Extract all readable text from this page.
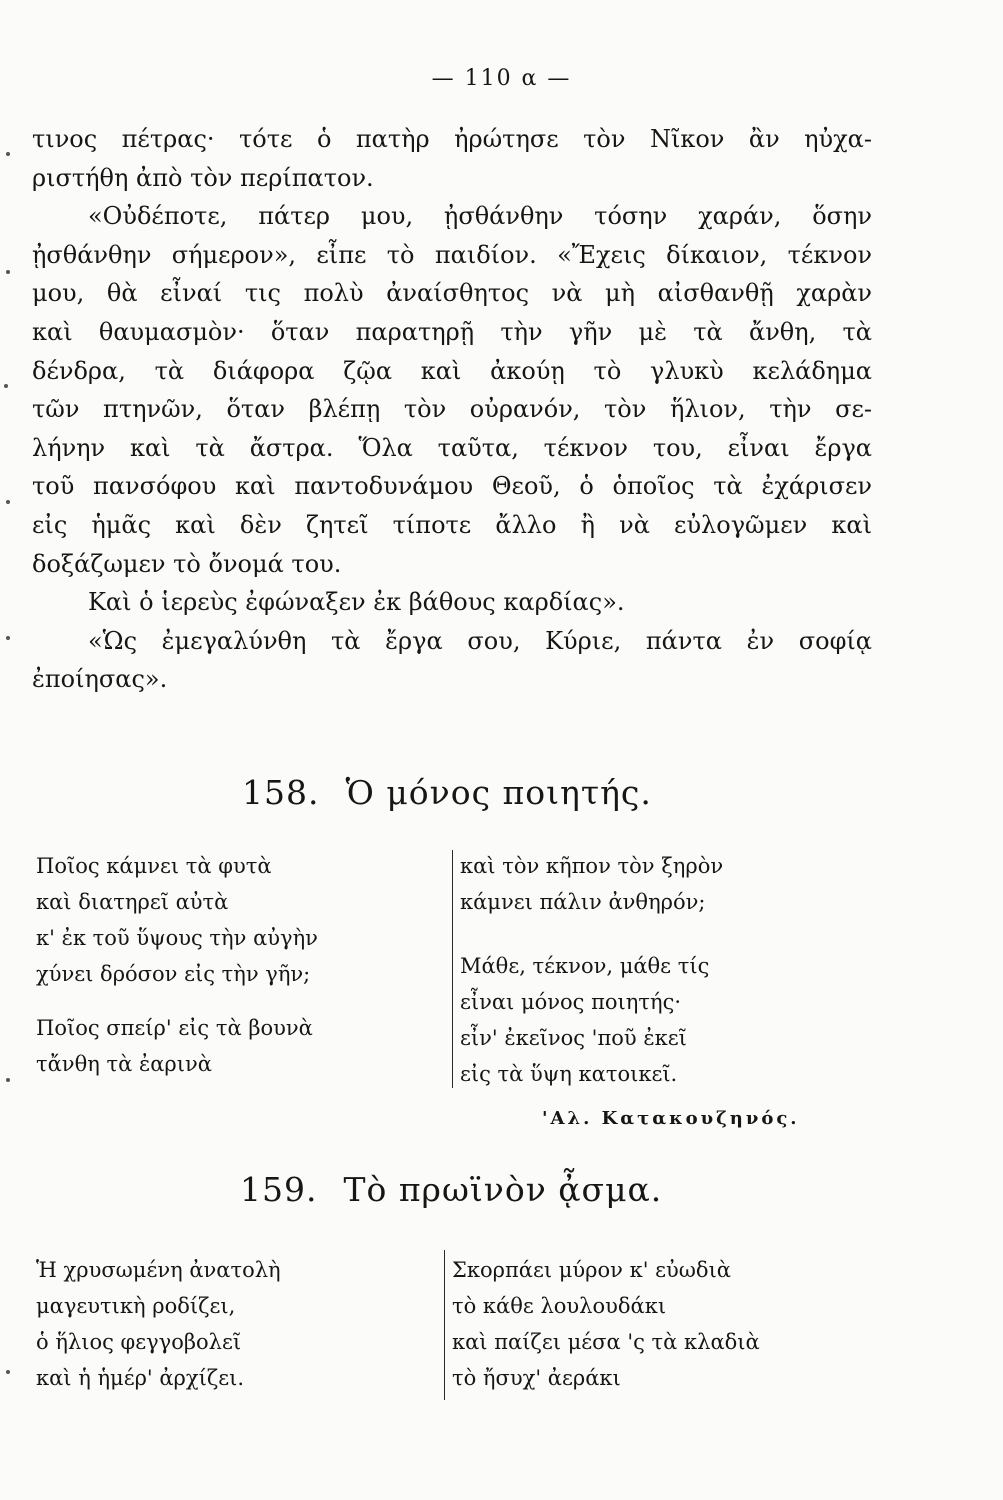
— 110 α —
τινος πέτρας· τότε ὁ πατὴρ ἠρώτησε τὸν Νῖκον ἂν ηὐχα-
ριστήθη ἀπὸ τὸν περίπατον.
«Οὐδέποτε, πάτερ μου, ᾐσθάνθην τόσην χαράν, ὅσην
ᾐσθάνθην σήμερον», εἶπε τὸ παιδίον. «Ἔχεις δίκαιον, τέκνον
μου, θὰ εἶναί τις πολὺ ἀναίσθητος νὰ μὴ αἰσθανθῇ χαρὰν
καὶ θαυμασμὸν· ὅταν παρατηρῇ τὴν γῆν μὲ τὰ ἄνθη, τὰ
δένδρα, τὰ διάφορα ζῷα καὶ ἀκούῃ τὸ γλυκὺ κελάδημα
τῶν πτηνῶν, ὅταν βλέπῃ τὸν οὐρανόν, τὸν ἥλιον, τὴν σε-
λήνην καὶ τὰ ἄστρα. Ὅλα ταῦτα, τέκνον του, εἶναι ἔργα
τοῦ πανσόφου καὶ παντοδυνάμου Θεοῦ, ὁ ὁποῖος τὰ ἐχάρισεν
εἰς ἡμᾶς καὶ δὲν ζητεῖ τίποτε ἄλλο ἢ νὰ εὐλογῶμεν καὶ
δοξάζωμεν τὸ ὄνομά του.
Καὶ ὁ ἱερεὺς ἐφώναξεν ἐκ βάθους καρδίας».
«Ὡς ἐμεγαλύνθη τὰ ἔργα σου, Κύριε, πάντα ἐν σοφίᾳ
ἐποίησας».
158. Ὁ μόνος ποιητής.
Ποῖος κάμνει τὰ φυτὰ
καὶ διατηρεῖ αὐτὰ
κ' ἐκ τοῦ ὕψους τὴν αὐγὴν
χύνει δρόσον εἰς τὴν γῆν;
Ποῖος σπείρ' εἰς τὰ βουνὰ
τἄνθη τὰ ἐαρινὰ
καὶ τὸν κῆπον τὸν ξηρὸν
κάμνει πάλιν ἀνθηρόν;
Μάθε, τέκνον, μάθε τίς
εἶναι μόνος ποιητής·
εἶν' ἐκεῖνος 'ποῦ ἐκεῖ
εἰς τὰ ὕψη κατοικεῖ.
'Αλ. Κατακουζηνός.
159. Τὸ πρωϊνὸν ᾆσμα.
Ἡ χρυσωμένη ἀνατολὴ
μαγευτικὴ ροδίζει,
ὁ ἥλιος φεγγοβολεῖ
καὶ ἡ ἡμέρ' ἀρχίζει.
Σκορπάει μύρον κ' εὐωδιὰ
τὸ κάθε λουλουδάκι
καὶ παίζει μέσα 'ς τὰ κλαδιὰ
τὸ ἤσυχ' ἀεράκι
